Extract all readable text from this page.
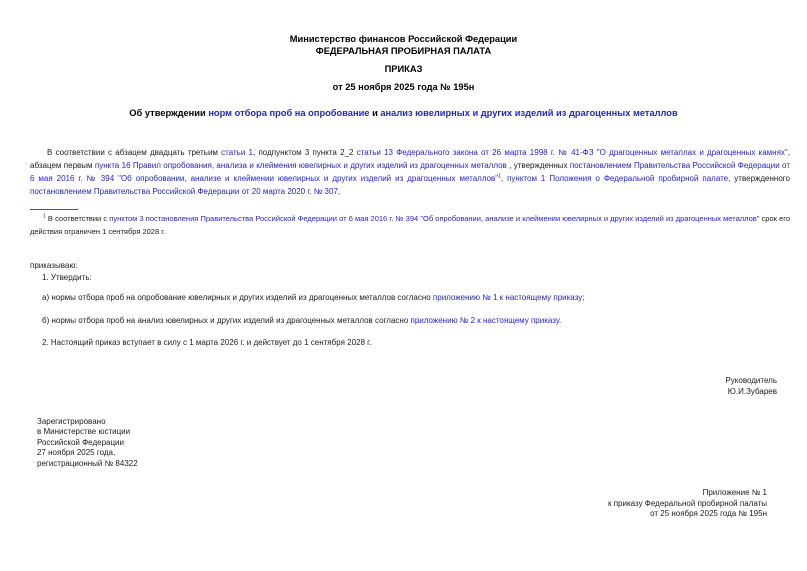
Министерство финансов Российской Федерации
ФЕДЕРАЛЬНАЯ ПРОБИРНАЯ ПАЛАТА
ПРИКАЗ
от 25 ноября 2025 года № 195н
Об утверждении норм отбора проб на опробование и анализ ювелирных и других изделий из драгоценных металлов

В соответствии с абзацем двадцать третьим статьи 1, подпунктом 3 пункта 2_2 статьи 13 Федерального закона от 26 марта 1998 г. № 41-ФЗ "О драгоценных металлах и драгоценных камнях", абзацем первым пункта 16 Правил опробования, анализа и клеймения ювелирных и других изделий из драгоценных металлов , утвержденных постановлением Правительства Российской Федерации от 6 мая 2016 г. № 394 "Об опробовании, анализе и клеймении ювелирных и других изделий из драгоценных металлов"$^1$, пунктом 1 Положения о Федеральной пробирной палате, утвержденного постановлением Правительства Российской Федерации от 20 марта 2020 г. № 307,

$^1$ В соответствии с пунктом 3 постановления Правительства Российской Федерации от 6 мая 2016 г. № 394 "Об опробовании, анализе и клеймении ювелирных и других изделий из драгоценных металлов" срок его действия ограничен 1 сентября 2028 г.

приказываю:

1. Утвердить:

а) нормы отбора проб на опробование ювелирных и других изделий из драгоценных металлов согласно приложению № 1 к настоящему приказу;

б) нормы отбора проб на анализ ювелирных и других изделий из драгоценных металлов согласно приложению № 2 к настоящему приказу.

2. Настоящий приказ вступает в силу с 1 марта 2026 г. и действует до 1 сентября 2028 г.

Руководитель
Ю.И.Зубарев
Зарегистрировано
в Министерстве юстиции
Российской Федерации
27 ноября 2025 года,
регистрационный № 84322
Приложение № 1
к приказу Федеральной пробирной палаты
от 25 ноября 2025 года № 195н
